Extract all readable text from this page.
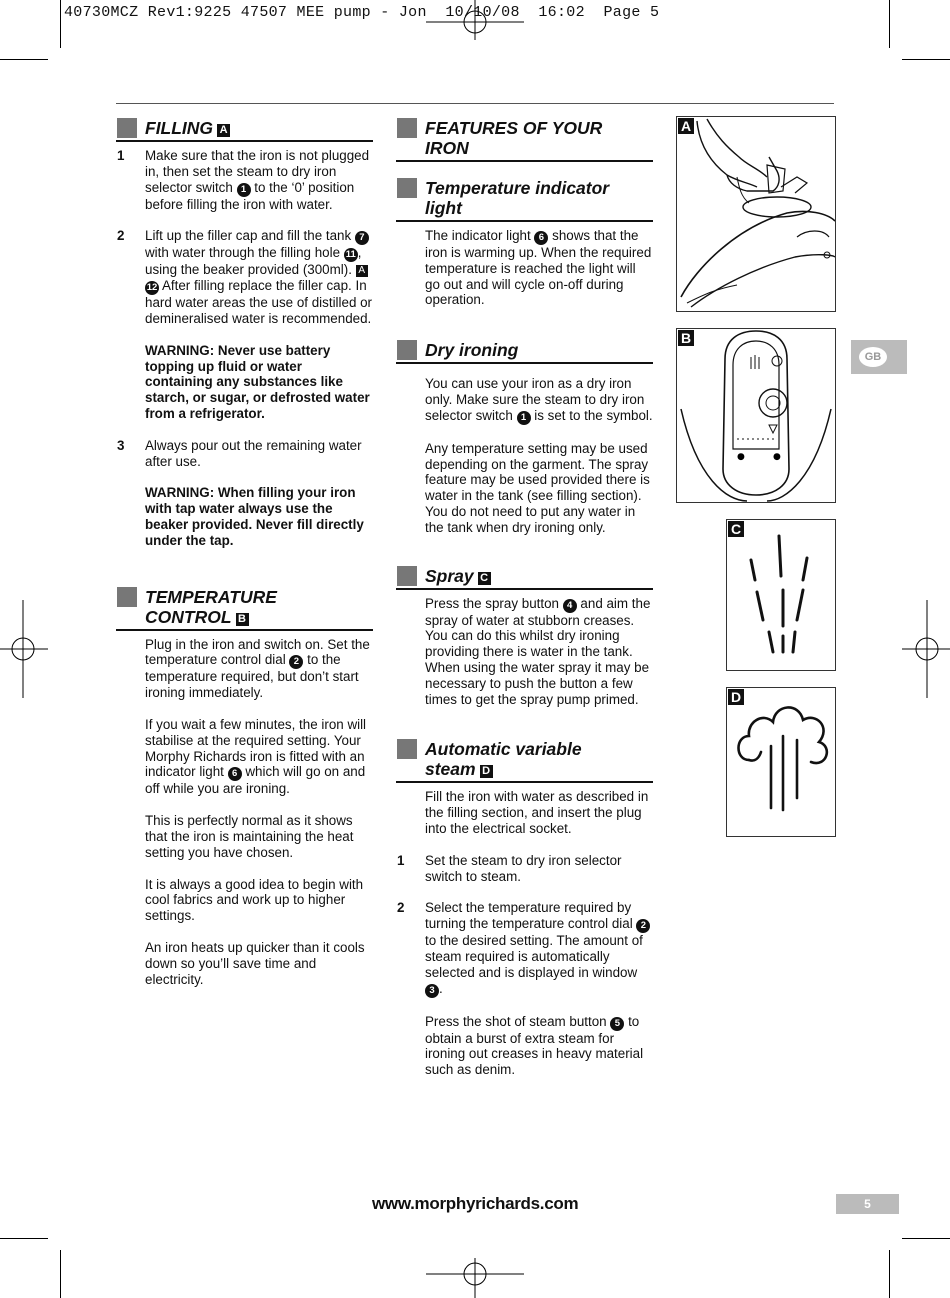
40730MCZ Rev1:9225 47507 MEE pump - Jon  10/10/08  16:02  Page 5
FILLING A

1 Make sure that the iron is not plugged in, then set the steam to dry iron selector switch 1 to the ‘0’ position before filling the iron with water.

2 Lift up the filler cap and fill the tank 7 with water through the filling hole 11 , using the beaker provided (300ml). A 12 After filling replace the filler cap. In hard water areas the use of distilled or demineralised water is recommended.

WARNING: Never use battery topping up fluid or water containing any substances like starch, or sugar, or defrosted water from a refrigerator.

3 Always pour out the remaining water after use.

WARNING: When filling your iron with tap water always use the beaker provided. Never fill directly under the tap.

TEMPERATURE
CONTROL B

Plug in the iron and switch on. Set the temperature control dial 2 to the temperature required, but don’t start ironing immediately.

If you wait a few minutes, the iron will stabilise at the required setting. Your Morphy Richards iron is fitted with an indicator light 6 which will go on and off while you are ironing.

This is perfectly normal as it shows that the iron is maintaining the heat setting you have chosen.

It is always a good idea to begin with cool fabrics and work up to higher settings.

An iron heats up quicker than it cools down so you’ll save time and electricity.

FEATURES OF YOUR
IRON
Temperature indicator
light

The indicator light 6 shows that the iron is warming up. When the required temperature is reached the light will go out and will cycle on-off during operation.

Dry ironing

You can use your iron as a dry iron only. Make sure the steam to dry iron selector switch 1 is set to the symbol.

Any temperature setting may be used depending on the garment. The spray feature may be used provided there is water in the tank (see filling section). You do not need to put any water in the tank when dry ironing only.

Spray C

Press the spray button 4 and aim the spray of water at stubborn creases. You can do this whilst dry ironing providing there is water in the tank. When using the water spray it may be necessary to push the button a few times to get the spray pump primed.

Automatic variable
steam D

Fill the iron with water as described in the filling section, and insert the plug into the electrical socket.

1 Set the steam to dry iron selector switch to steam.

2 Select the temperature required by turning the temperature control dial 2 to the desired setting. The amount of steam required is automatically selected and is displayed in window 3 .

Press the shot of steam button 5 to obtain a burst of extra steam for ironing out creases in heavy material such as denim.

A
●	●
B
GB
C
D
www.morphyrichards.com	5
